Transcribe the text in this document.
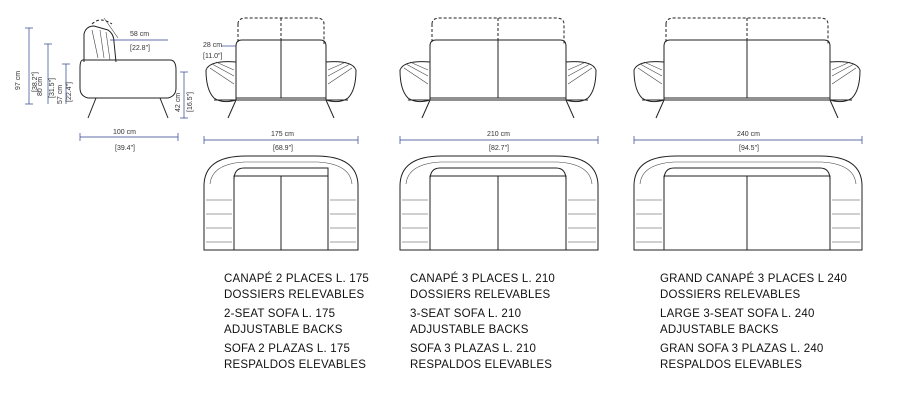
97 cm [38.2"]
80 cm [31.5"] 57 cm [22.4"]
58 cm
[22.8"]
42 cm [16.5"]
100 cm
[39.4"]
28 cm
[11.0"]
175 cm
[68.9"]
210 cm
[82.7"]
240 cm
[94.5"]
CANAPÉ 2 PLACES L. 175
DOSSIERS RELEVABLES
2-SEAT SOFA L. 175
ADJUSTABLE BACKS
SOFA 2 PLAZAS L. 175
RESPALDOS ELEVABLES
CANAPÉ 3 PLACES L. 210
DOSSIERS RELEVABLES
3-SEAT SOFA L. 210
ADJUSTABLE BACKS
SOFA 3 PLAZAS L. 210
RESPALDOS ELEVABLES
GRAND CANAPÉ 3 PLACES L 240
DOSSIERS RELEVABLES
LARGE 3-SEAT SOFA L. 240
ADJUSTABLE BACKS
GRAN SOFA 3 PLAZAS L. 240
RESPALDOS ELEVABLES
